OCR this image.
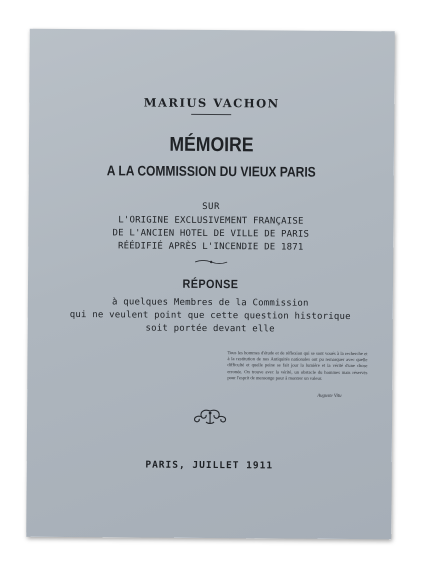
MARIUS VACHON
MÉMOIRE
A LA COMMISSION DU VIEUX PARIS
SUR
L'ORIGINE EXCLUSIVEMENT FRANÇAISE
DE L'ANCIEN HOTEL DE VILLE DE PARIS
RÉÉDIFIÉ APRÈS L'INCENDIE DE 1871
RÉPONSE
à quelques Membres de la Commission
qui ne veulent point que cette question historique
soit portée devant elle
Tous les hommes d'étude et de réflexion qui se sont voués à la recherche et à la restitution de nos Antiquités nationales ont pu remarquer avec quelle difficulté et quelle peine se fait jour la lumière et la vérité d'une chose erronée. On trouve avec la vérité, un obstacle du hommes mais réservés pour l'esprit de mensonge pour à montrer un valeur.
Auguste Vitu
PARIS, JUILLET 1911
